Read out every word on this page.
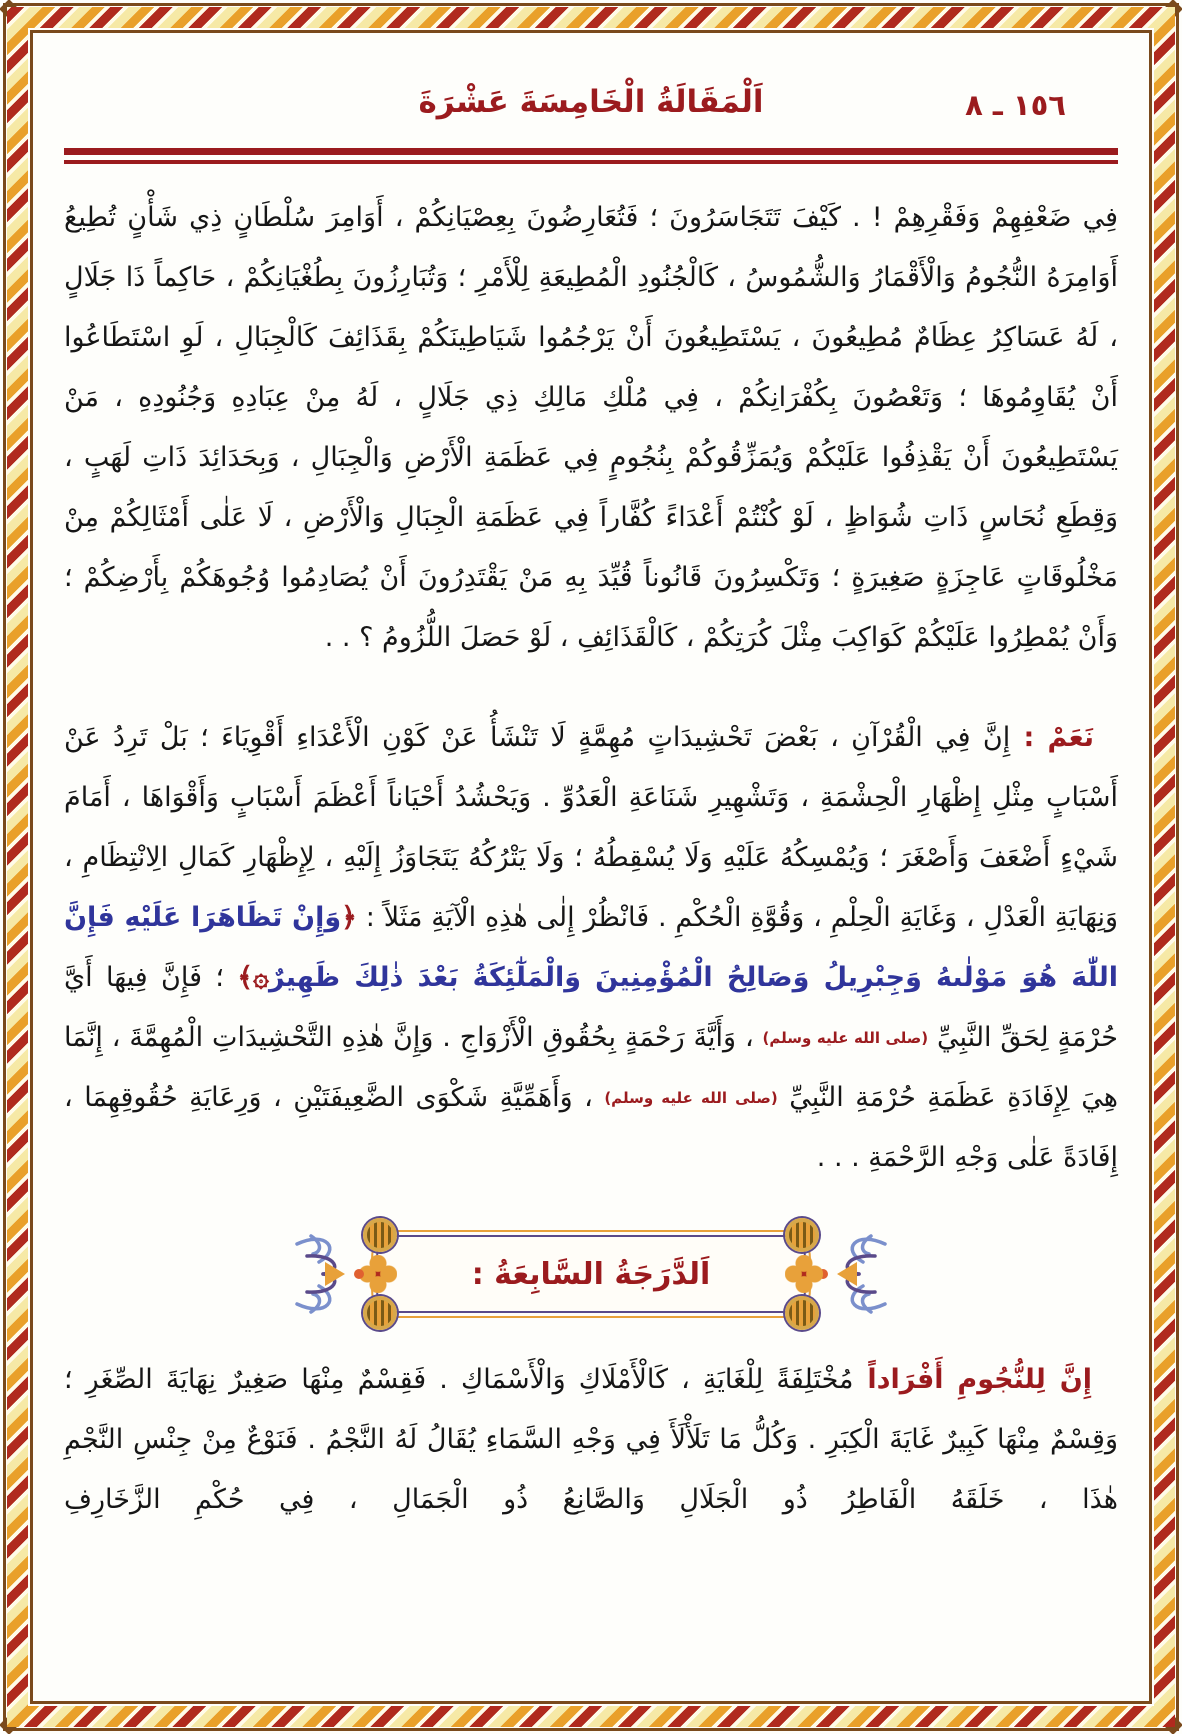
اَلْمَقَالَةُ الْخَامِسَةَ عَشْرَةَ	١٥٦ ـ ٨

فِي ضَعْفِهِمْ وَفَقْرِهِمْ ! . كَيْفَ تَتَجَاسَرُونَ ؛ فَتُعَارِضُونَ بِعِصْيَانِكُمْ ، أَوَامِرَ سُلْطَانٍ ذِي شَأْنٍ تُطِيعُ أَوَامِرَهُ النُّجُومُ وَالْأَقْمَارُ وَالشُّمُوسُ ، كَالْجُنُودِ الْمُطِيعَةِ لِلْأَمْرِ ؛ وَتُبَارِزُونَ بِطُغْيَانِكُمْ ، حَاكِماً ذَا جَلَالٍ ، لَهُ عَسَاكِرُ عِظَامٌ مُطِيعُونَ ، يَسْتَطِيعُونَ أَنْ يَرْجُمُوا شَيَاطِينَكُمْ بِقَذَائِفَ كَالْجِبَالِ ، لَوِ اسْتَطَاعُوا أَنْ يُقَاوِمُوهَا ؛ وَتَعْصُونَ بِكُفْرَانِكُمْ ، فِي مُلْكِ مَالِكِ ذِي جَلَالٍ ، لَهُ مِنْ عِبَادِهِ وَجُنُودِهِ ، مَنْ يَسْتَطِيعُونَ أَنْ يَقْذِفُوا عَلَيْكُمْ وَيُمَزِّقُوكُمْ بِنُجُومٍ فِي عَظَمَةِ الْأَرْضِ وَالْجِبَالِ ، وَبِحَدَائِدَ ذَاتِ لَهَبٍ ، وَقِطَعِ نُحَاسٍ ذَاتِ شُوَاظٍ ، لَوْ كُنْتُمْ أَعْدَاءً كُفَّاراً فِي عَظَمَةِ الْجِبَالِ وَالْأَرْضِ ، لَا عَلٰى أَمْثَالِكُمْ مِنْ مَخْلُوقَاتٍ عَاجِزَةٍ صَغِيرَةٍ ؛ وَتَكْسِرُونَ قَانُوناً قُيِّدَ بِهِ مَنْ يَقْتَدِرُونَ أَنْ يُصَادِمُوا وُجُوهَكُمْ بِأَرْضِكُمْ ؛ وَأَنْ يُمْطِرُوا عَلَيْكُمْ كَوَاكِبَ مِثْلَ كُرَتِكُمْ ، كَالْقَذَائِفِ ، لَوْ حَصَلَ اللُّزُومُ ؟ . .

نَعَمْ : إِنَّ فِي الْقُرْآنِ ، بَعْضَ تَحْشِيدَاتٍ مُهِمَّةٍ لَا تَنْشَأُ عَنْ كَوْنِ الْأَعْدَاءِ أَقْوِيَاءَ ؛ بَلْ تَرِدُ عَنْ أَسْبَابٍ مِثْلِ إِظْهَارِ الْحِشْمَةِ ، وَتَشْهِيرِ شَنَاعَةِ الْعَدُوِّ . وَيَحْشُدُ أَحْيَاناً أَعْظَمَ أَسْبَابٍ وَأَقْوَاهَا ، أَمَامَ شَيْءٍ أَضْعَفَ وَأَصْغَرَ ؛ وَيُمْسِكُهُ عَلَيْهِ وَلَا يُسْقِطُهُ ؛ وَلَا يَتْرُكُهُ يَتَجَاوَزُ إِلَيْهِ ، لِإِظْهَارِ كَمَالِ الِانْتِظَامِ ، وَنِهَايَةِ الْعَدْلِ ، وَغَايَةِ الْحِلْمِ ، وَقُوَّةِ الْحُكْمِ . فَانْظُرْ إِلٰى هٰذِهِ الْآيَةِ مَثَلاً : ﴿وَإِنْ تَظَاهَرَا عَلَيْهِ فَإِنَّ اللّٰهَ هُوَ مَوْلٰىهُ وَجِبْرِيلُ وَصَالِحُ الْمُؤْمِنِينَ وَالْمَلٰٓئِكَةُ بَعْدَ ذٰلِكَ ظَهِيرٌ۞﴾ ؛ فَإِنَّ فِيهَا أَيَّ حُرْمَةٍ لِحَقِّ النَّبِيِّ (صلى الله عليه وسلم) ، وَأَيَّةَ رَحْمَةٍ بِحُقُوقِ الْأَزْوَاجِ . وَإِنَّ هٰذِهِ التَّحْشِيدَاتِ الْمُهِمَّةَ ، إِنَّمَا هِيَ لِإِفَادَةِ عَظَمَةِ حُرْمَةِ النَّبِيِّ (صلى الله عليه وسلم) ، وَأَهَمِّيَّةِ شَكْوَى الضَّعِيفَتَيْنِ ، وَرِعَايَةِ حُقُوقِهِمَا ، إِفَادَةً عَلٰى وَجْهِ الرَّحْمَةِ . . .

اَلدَّرَجَةُ السَّابِعَةُ :

إِنَّ لِلنُّجُومِ أَفْرَاداً مُخْتَلِفَةً لِلْغَايَةِ ، كَالْأَمْلَاكِ وَالْأَسْمَاكِ . فَقِسْمٌ مِنْهَا صَغِيرٌ نِهَايَةَ الصِّغَرِ ؛ وَقِسْمٌ مِنْهَا كَبِيرٌ غَايَةَ الْكِبَرِ . وَكُلُّ مَا تَلَأْلَأَ فِي وَجْهِ السَّمَاءِ يُقَالُ لَهُ النَّجْمُ . فَنَوْعٌ مِنْ جِنْسِ النَّجْمِ هٰذَا ، خَلَقَهُ الْفَاطِرُ ذُو الْجَلَالِ وَالصَّانِعُ ذُو الْجَمَالِ ، فِي حُكْمِ الزَّخَارِفِ
